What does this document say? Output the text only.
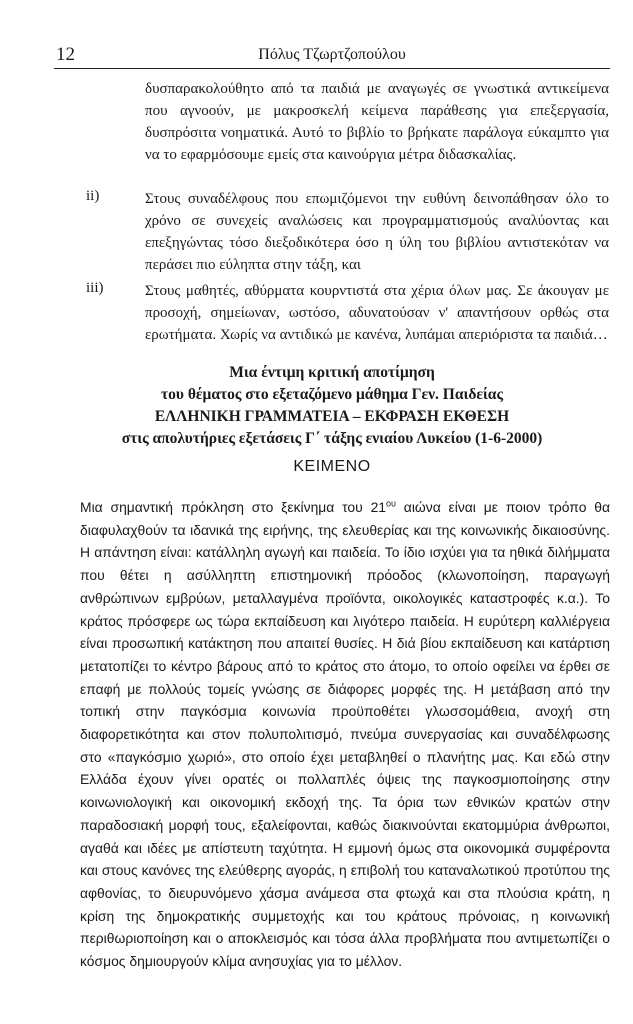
12	Πόλυς Τζωρτζοπούλου
δυσπαρακολούθητο από τα παιδιά με αναγωγές σε γνωστικά αντικείμενα που αγνοούν, με μακροσκελή κείμενα παράθεσης για επεξεργασία, δυσπρόσιτα νοηματικά. Αυτό το βιβλίο το βρήκατε παράλογα εύκαμπτο για να το εφαρμόσουμε εμείς στα καινούργια μέτρα διδασκαλίας.
ii)	Στους συναδέλφους που επωμιζόμενοι την ευθύνη δεινοπάθησαν όλο το χρόνο σε συνεχείς αναλώσεις και προγραμματισμούς αναλύοντας και επεξηγώντας τόσο διεξοδικότερα όσο η ύλη του βιβλίου αντιστεκόταν να περάσει πιο εύληπτα στην τάξη, και
iii)	Στους μαθητές, αθύρματα κουρντιστά στα χέρια όλων μας. Σε άκουγαν με προσοχή, σημείωναν, ωστόσο, αδυνατούσαν ν' απαντήσουν ορθώς στα ερωτήματα. Χωρίς να αντιδικώ με κανένα, λυπάμαι απεριόριστα τα παιδιά…
Μια έντιμη κριτική αποτίμηση
του θέματος στο εξεταζόμενο μάθημα Γεν. Παιδείας
ΕΛΛΗΝΙΚΗ ΓΡΑΜΜΑΤΕΙΑ – ΕΚΦΡΑΣΗ ΕΚΘΕΣΗ
στις απολυτήριες εξετάσεις Γ΄ τάξης ενιαίου Λυκείου (1-6-2000)
ΚΕΙΜΕΝΟ
Μια σημαντική πρόκληση στο ξεκίνημα του $21^{o\upsilon}$ αιώνα είναι με ποιον τρόπο θα διαφυλαχθούν τα ιδανικά της ειρήνης, της ελευθερίας και της κοινωνικής δικαιοσύνης. Η απάντηση είναι: κατάλληλη αγωγή και παιδεία. Το ίδιο ισχύει για τα ηθικά διλήμματα που θέτει η ασύλληπτη επιστημονική πρόοδος (κλωνοποίηση, παραγωγή ανθρώπινων εμβρύων, μεταλλαγμένα προϊόντα, οικολογικές καταστροφές κ.α.). Το κράτος πρόσφερε ως τώρα εκπαίδευση και λιγότερο παιδεία. Η ευρύτερη καλλιέργεια είναι προσωπική κατάκτηση που απαιτεί θυσίες. Η διά βίου εκπαίδευση και κατάρτιση μετατοπίζει το κέντρο βάρους από το κράτος στο άτομο, το οποίο οφείλει να έρθει σε επαφή με πολλούς τομείς γνώσης σε διάφορες μορφές της. Η μετάβαση από την τοπική στην παγκόσμια κοινωνία προϋποθέτει γλωσσομάθεια, ανοχή στη διαφορετικότητα και στον πολυπολιτισμό, πνεύμα συνεργασίας και συναδέλφωσης στο «παγκόσμιο χωριό», στο οποίο έχει μεταβληθεί ο πλανήτης μας. Και εδώ στην Ελλάδα έχουν γίνει ορατές οι πολλαπλές όψεις της παγκοσμιοποίησης στην κοινωνιολογική και οικονομική εκδοχή της. Τα όρια των εθνικών κρατών στην παραδοσιακή μορφή τους, εξαλείφονται, καθώς διακινούνται εκατομμύρια άνθρωποι, αγαθά και ιδέες με απίστευτη ταχύτητα. Η εμμονή όμως στα οικονομικά συμφέροντα και στους κανόνες της ελεύθερης αγοράς, η επιβολή του καταναλωτικού προτύπου της αφθονίας, το διευρυνόμενο χάσμα ανάμεσα στα φτωχά και στα πλούσια κράτη, η κρίση της δημοκρατικής συμμετοχής και του κράτους πρόνοιας, η κοινωνική περιθωριοποίηση και ο αποκλεισμός και τόσα άλλα προβλήματα που αντιμετωπίζει ο κόσμος δημιουργούν κλίμα ανησυχίας για το μέλλον.
